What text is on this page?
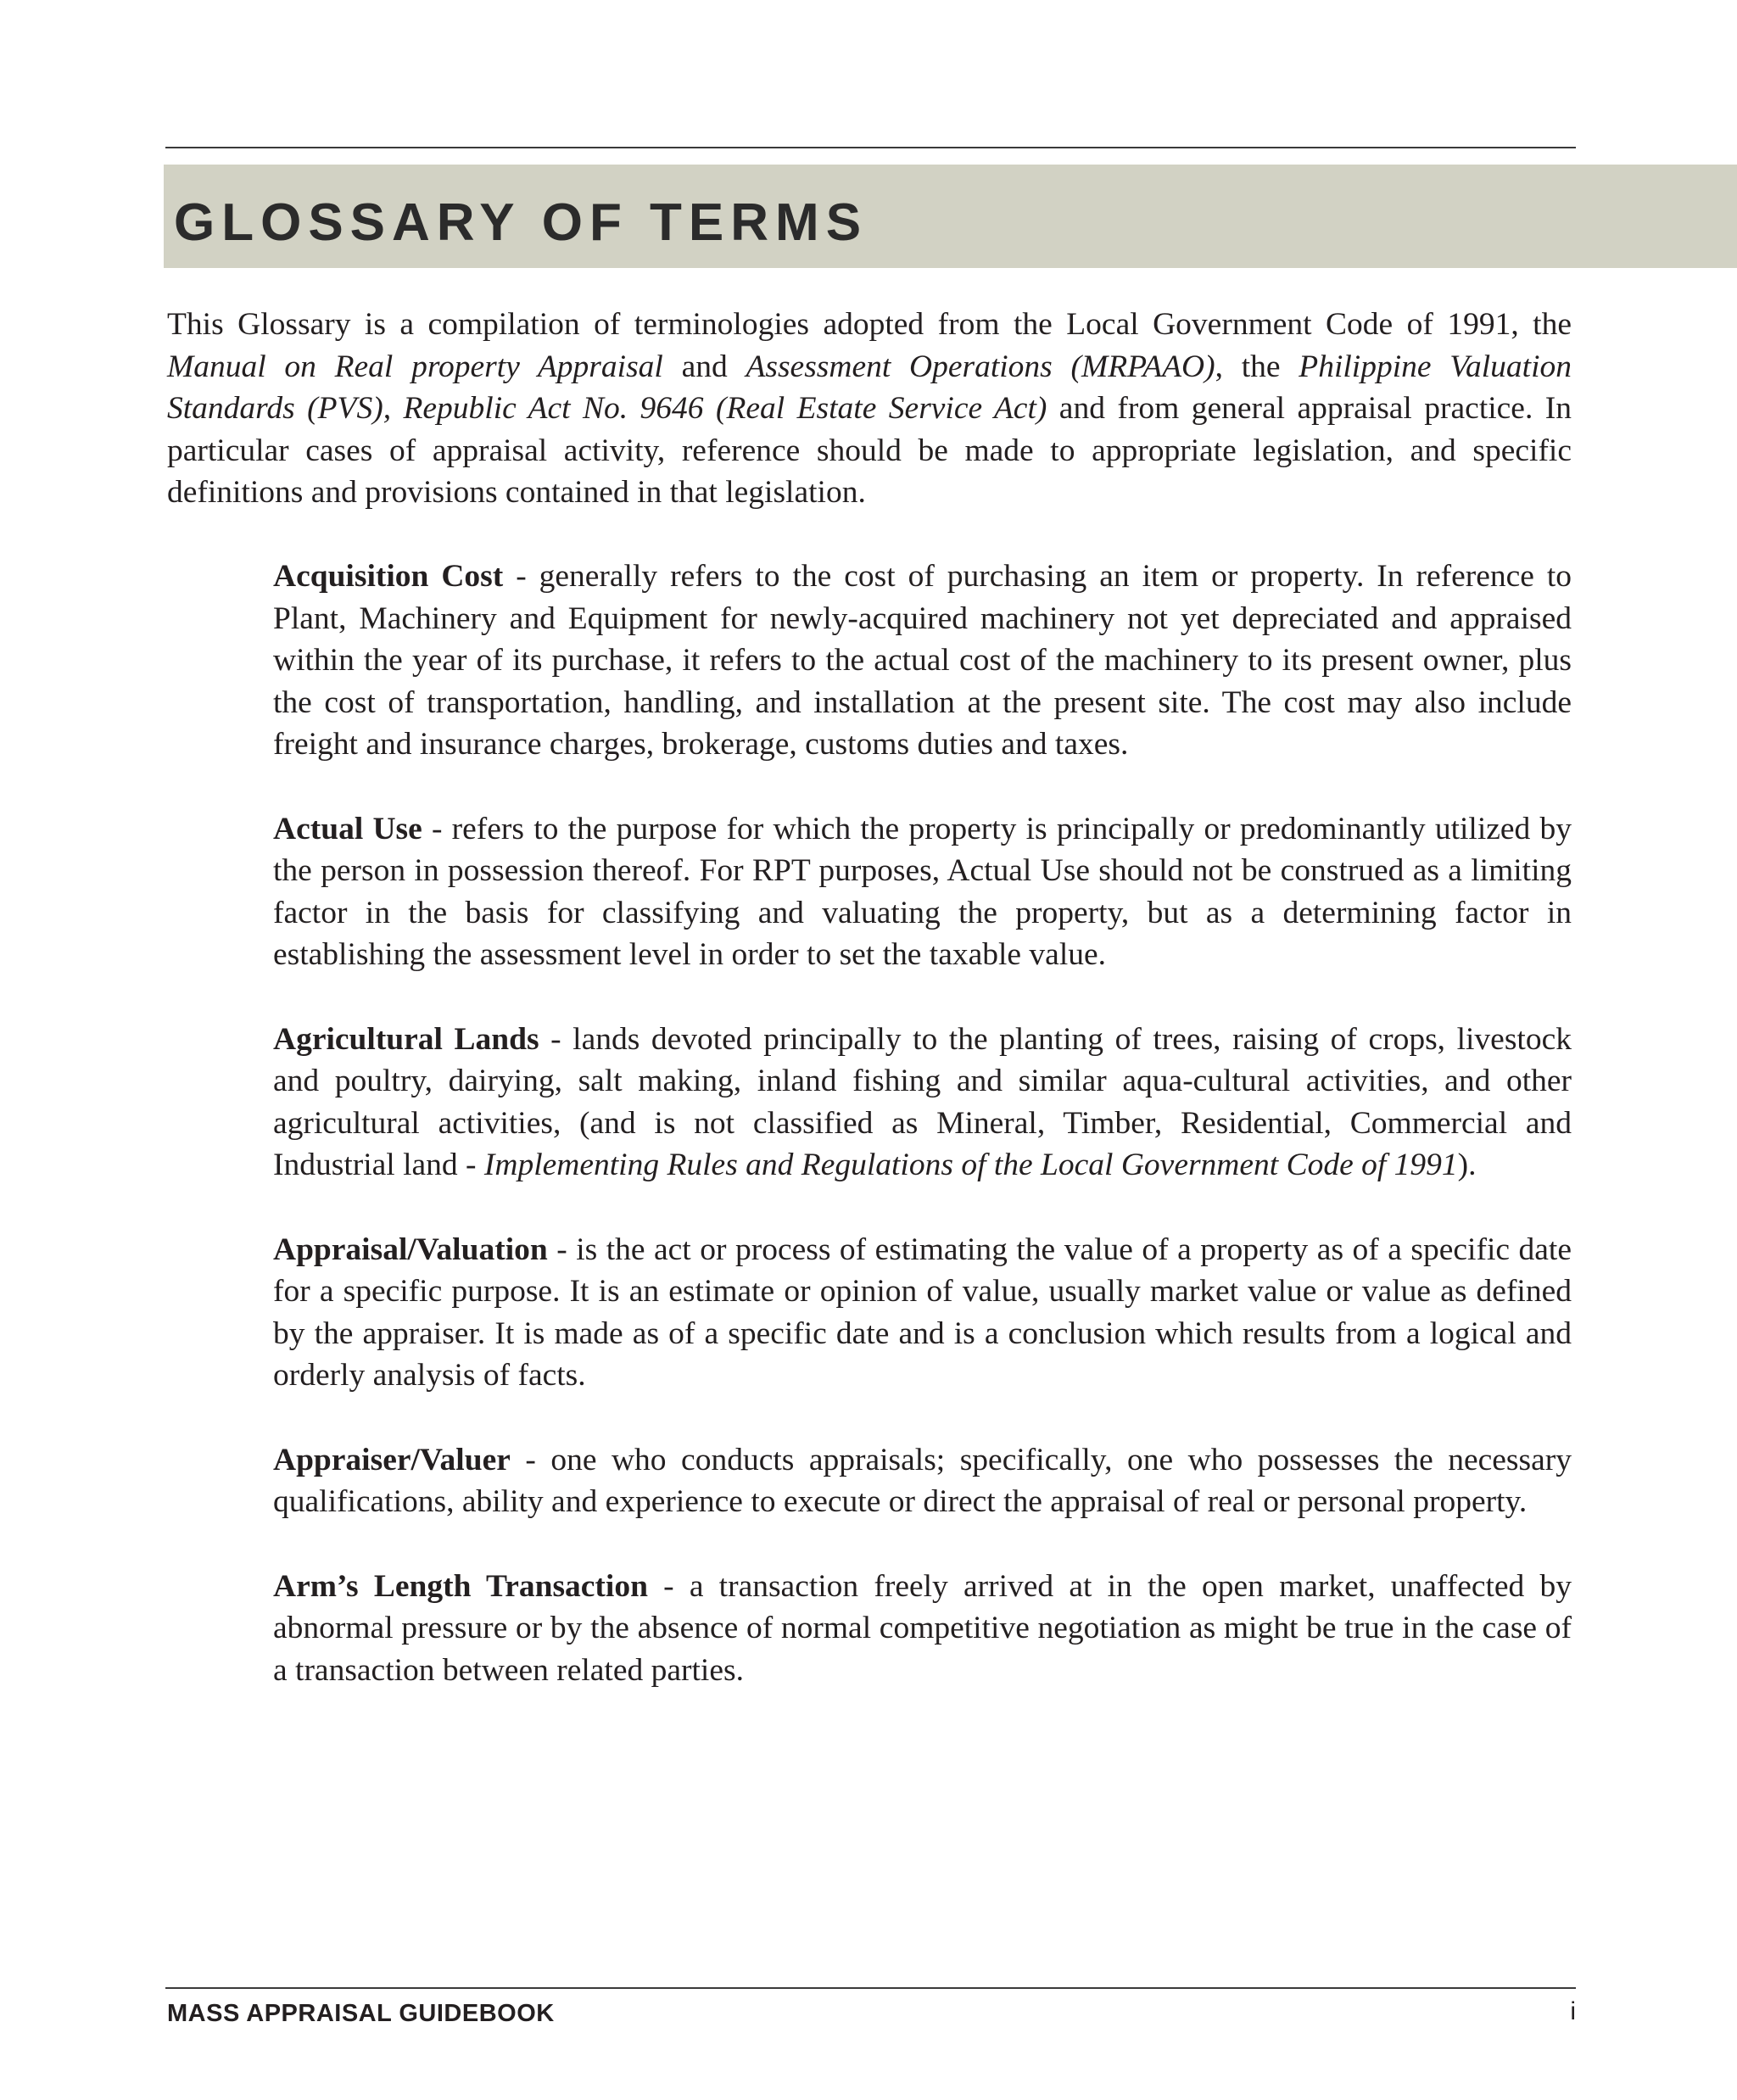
GLOSSARY OF TERMS

This Glossary is a compilation of terminologies adopted from the Local Government Code of 1991, the Manual on Real property Appraisal and Assessment Operations (MRPAAO), the Philippine Valuation Standards (PVS), Republic Act No. 9646 (Real Estate Service Act) and from general appraisal practice. In particular cases of appraisal activity, reference should be made to appropriate legislation, and specific definitions and provisions contained in that legislation.

Acquisition Cost - generally refers to the cost of purchasing an item or property. In reference to Plant, Machinery and Equipment for newly-acquired machinery not yet depreciated and appraised within the year of its purchase, it refers to the actual cost of the machinery to its present owner, plus the cost of transportation, handling, and installation at the present site. The cost may also include freight and insurance charges, brokerage, customs duties and taxes.

Actual Use - refers to the purpose for which the property is principally or predominantly utilized by the person in possession thereof. For RPT purposes, Actual Use should not be construed as a limiting factor in the basis for classifying and valuating the property, but as a determining factor in establishing the assessment level in order to set the taxable value.

Agricultural Lands - lands devoted principally to the planting of trees, raising of crops, livestock and poultry, dairying, salt making, inland fishing and similar aqua-cultural activities, and other agricultural activities, (and is not classified as Mineral, Timber, Residential, Commercial and Industrial land - Implementing Rules and Regulations of the Local Government Code of 1991).

Appraisal/Valuation - is the act or process of estimating the value of a property as of a specific date for a specific purpose. It is an estimate or opinion of value, usually market value or value as defined by the appraiser. It is made as of a specific date and is a conclusion which results from a logical and orderly analysis of facts.

Appraiser/Valuer - one who conducts appraisals; specifically, one who possesses the necessary qualifications, ability and experience to execute or direct the appraisal of real or personal property.

Arm’s Length Transaction - a transaction freely arrived at in the open market, unaffected by abnormal pressure or by the absence of normal competitive negotiation as might be true in the case of a transaction between related parties.

MASS APPRAISAL GUIDEBOOK	i
